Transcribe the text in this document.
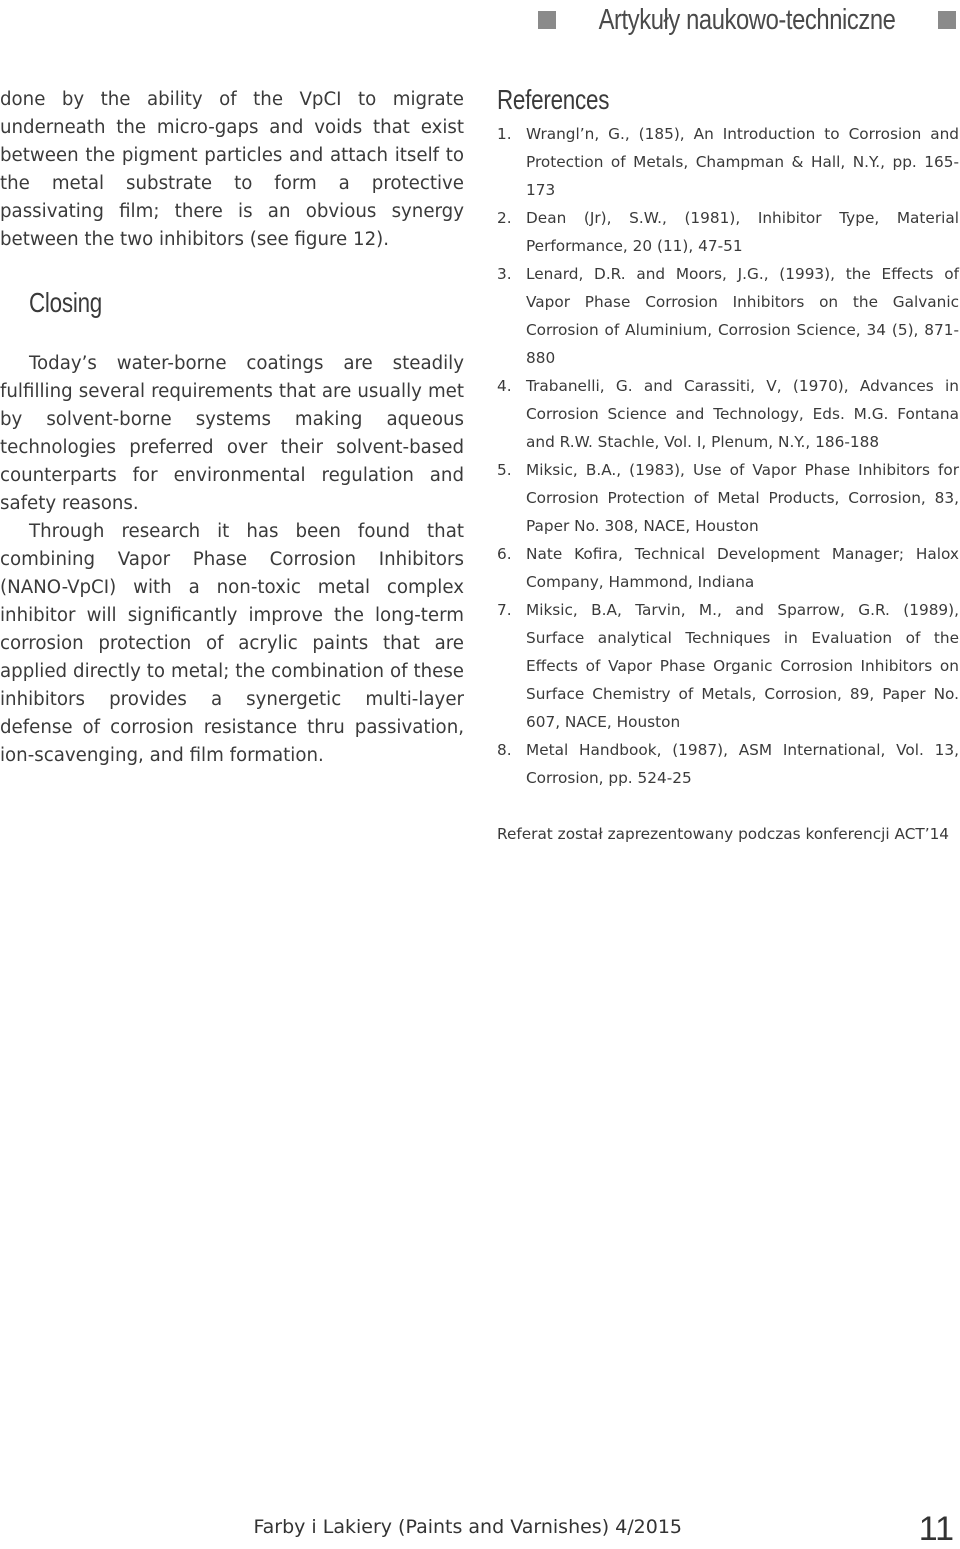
Artykuły naukowo-techniczne

done by the ability of the VpCI to migrate underneath the micro-gaps and voids that exist between the pigment particles and attach itself to the metal substrate to form a protective passivating film; there is an obvious synergy between the two inhibitors (see figure 12).

Closing

Today’s water-borne coatings are steadily fulfilling several requirements that are usually met by solvent-borne systems making aqueous technologies preferred over their solvent-based counterparts for environmental regulation and safety reasons.

Through research it has been found that combining Vapor Phase Corrosion Inhibitors (NANO-VpCI) with a non-toxic metal complex inhibitor will significantly improve the long-term corrosion protection of acrylic paints that are applied directly to metal; the combination of these inhibitors provides a synergetic multi-layer defense of corrosion resistance thru passivation, ion-scavenging, and film formation.

References
1. Wrangl’n, G., (185), An Introduction to Corrosion and Protection of Metals, Champman & Hall, N.Y., pp. 165-173
2. Dean (Jr), S.W., (1981), Inhibitor Type, Material Performance, 20 (11), 47-51
3. Lenard, D.R. and Moors, J.G., (1993), the Effects of Vapor Phase Corrosion Inhibitors on the Galvanic Corrosion of Aluminium, Corrosion Science, 34 (5), 871-880
4. Trabanelli, G. and Carassiti, V, (1970), Advances in Corrosion Science and Technology, Eds. M.G. Fontana and R.W. Stachle, Vol. I, Plenum, N.Y., 186-188
5. Miksic, B.A., (1983), Use of Vapor Phase Inhibitors for Corrosion Protection of Metal Products, Corrosion, 83, Paper No. 308, NACE, Houston
6. Nate Kofira, Technical Development Manager; Halox Company, Hammond, Indiana
7. Miksic, B.A, Tarvin, M., and Sparrow, G.R. (1989), Surface analytical Techniques in Evaluation of the Effects of Vapor Phase Organic Corrosion Inhibitors on Surface Chemistry of Metals, Corrosion, 89, Paper No. 607, NACE, Houston
8. Metal Handbook, (1987), ASM International, Vol. 13, Corrosion, pp. 524-25

Referat został zaprezentowany podczas konferencji ACT’14

Farby i Lakiery (Paints and Varnishes) 4/2015	11
